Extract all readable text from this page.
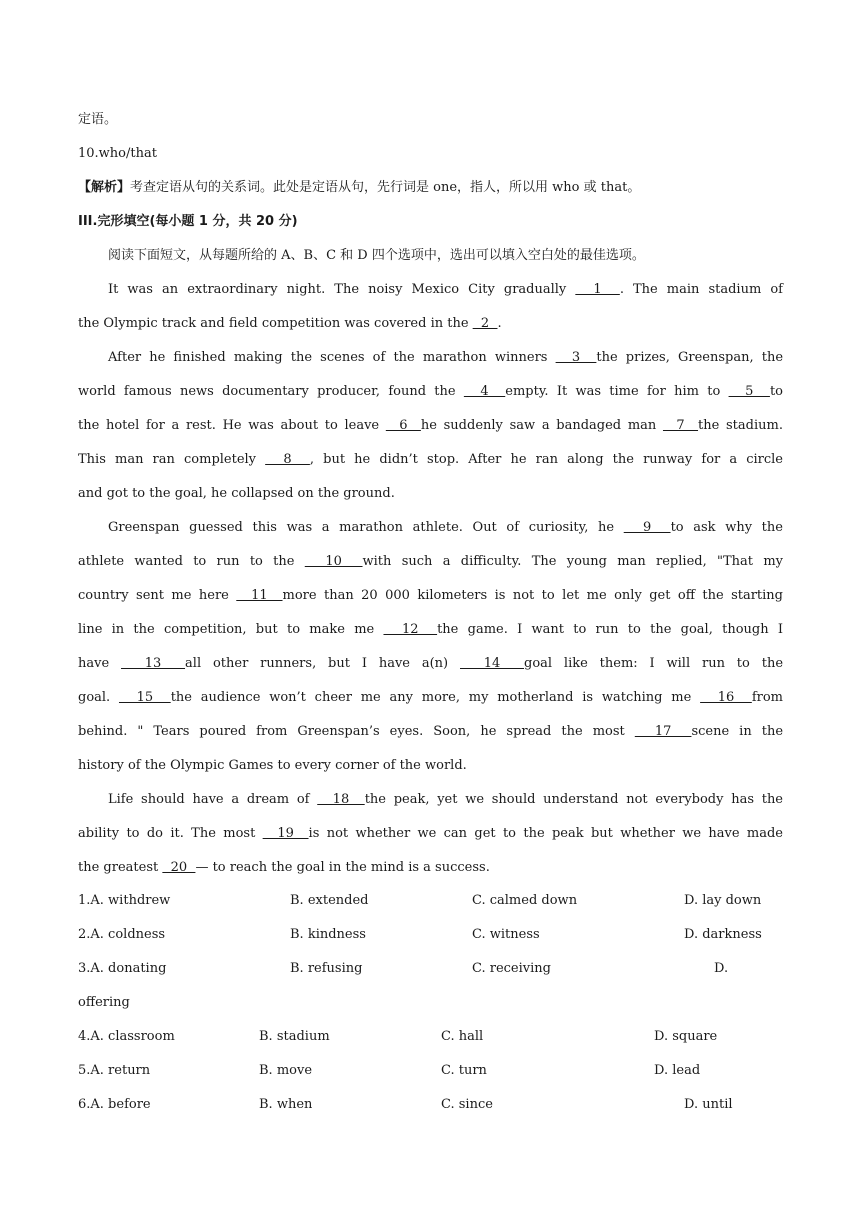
定语。
10.who/that
【解析】考查定语从句的关系词。此处是定语从句，先行词是 one，指人，所以用 who 或 that。
III.完形填空(每小题 1 分，共 20 分)
阅读下面短文，从每题所给的 A、B、C 和 D 四个选项中，选出可以填入空白处的最佳选项。
It was an extraordinary night. The noisy Mexico City gradually   1  . The main stadium of
the Olympic track and field competition was covered in the   2  .
After he finished making the scenes of the marathon winners   3  the prizes, Greenspan, the
world famous news documentary producer, found the   4  empty. It was time for him to   5  to
the hotel for a rest. He was about to leave   6  he suddenly saw a bandaged man   7  the stadium.
This man ran completely   8  , but he didn’t stop. After he ran along the runway for a circle
and got to the goal, he collapsed on the ground.
Greenspan guessed this was a marathon athlete. Out of curiosity, he   9  to ask why the
athlete wanted to run to the   10  with such a difficulty. The young man replied, "That my
country sent me here   11  more than 20 000 kilometers is not to let me only get off the starting
line in the competition, but to make me   12  the game. I want to run to the goal, though I
have   13  all other runners, but I have a(n)   14  goal like them: I will run to the
goal.   15  the audience won’t cheer me any more, my motherland is watching me   16  from
behind. " Tears poured from Greenspan’s eyes. Soon, he spread the most   17  scene in the
history of the Olympic Games to every corner of the world.
Life should have a dream of   18  the peak, yet we should understand not everybody has the
ability to do it. The most   19  is not whether we can get to the peak but whether we have made
the greatest   20  — to reach the goal in the mind is a success.
1.A. withdrew	B. extended	C. calmed down	D. lay down
2.A. coldness	B. kindness	C. witness	D. darkness
3.A. donating	B. refusing	C. receiving	D.
offering
4.A. classroom	B. stadium	C. hall	D. square
5.A. return	B. move	C. turn	D. lead
6.A. before	B. when	C. since	D. until
